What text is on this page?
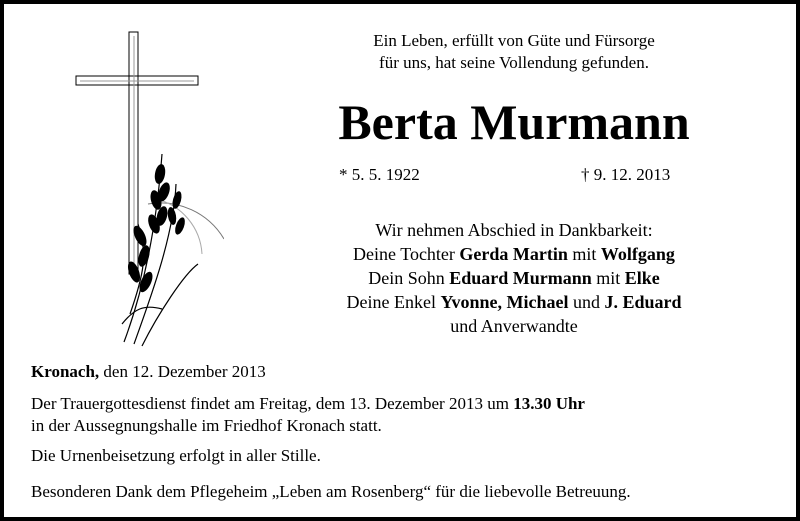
Ein Leben, erfüllt von Güte und Fürsorge
für uns, hat seine Vollendung gefunden.
Berta Murmann
* 5. 5. 1922	† 9. 12. 2013
Wir nehmen Abschied in Dankbarkeit:
Deine Tochter Gerda Martin mit Wolfgang
Dein Sohn Eduard Murmann mit Elke
Deine Enkel Yvonne, Michael und J. Eduard
und Anverwandte

Kronach, den 12. Dezember 2013

Der Trauergottesdienst findet am Freitag, dem 13. Dezember 2013 um 13.30 Uhr

in der Aussegnungshalle im Friedhof Kronach statt.

Die Urnenbeisetzung erfolgt in aller Stille.

Besonderen Dank dem Pflegeheim „Leben am Rosenberg“ für die liebevolle Betreuung.
